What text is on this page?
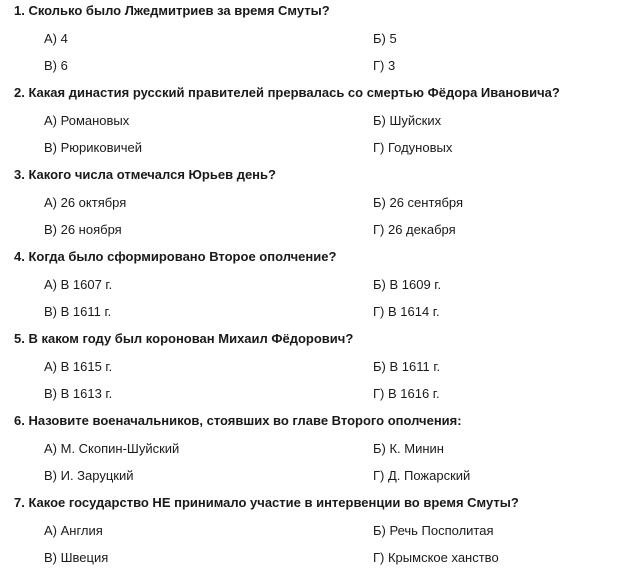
1. Сколько было Лжедмитриев за время Смуты?
А) 4	Б) 5
В) 6	Г) 3
2. Какая династия русский правителей прервалась со смертью Фёдора Ивановича?
А) Романовых	Б) Шуйских
В) Рюриковичей	Г) Годуновых
3. Какого числа отмечался Юрьев день?
А) 26 октября	Б) 26 сентября
В) 26 ноября	Г) 26 декабря
4. Когда было сформировано Второе ополчение?
А) В 1607 г.	Б) В 1609 г.
В) В 1611 г.	Г) В 1614 г.
5. В каком году был коронован Михаил Фёдорович?
А) В 1615 г.	Б) В 1611 г.
В) В 1613 г.	Г) В 1616 г.
6. Назовите военачальников, стоявших во главе Второго ополчения:
А) М. Скопин-Шуйский	Б) К. Минин
В) И. Заруцкий	Г) Д. Пожарский
7. Какое государство НЕ принимало участие в интервенции во время Смуты?
А) Англия	Б) Речь Посполитая
В) Швеция	Г) Крымское ханство
